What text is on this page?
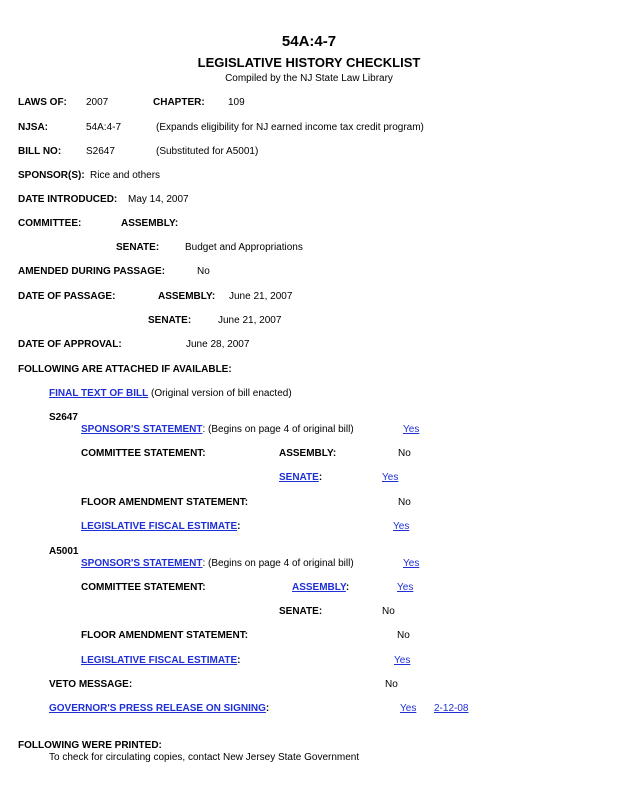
54A:4-7
LEGISLATIVE HISTORY CHECKLIST
Compiled by the NJ State Law Library
LAWS OF: 2007	CHAPTER: 109
NJSA:	54A:4-7	(Expands eligibility for NJ earned income tax credit program)
BILL NO: S2647	(Substituted for A5001)
SPONSOR(S): Rice and others
DATE INTRODUCED: May 14, 2007
COMMITTEE:	ASSEMBLY:
SENATE:	Budget and Appropriations
AMENDED DURING PASSAGE:	No
DATE OF PASSAGE:	ASSEMBLY: June 21, 2007
SENATE:	June 21, 2007
DATE OF APPROVAL:	June 28, 2007
FOLLOWING ARE ATTACHED IF AVAILABLE:
FINAL TEXT OF BILL (Original version of bill enacted)
S2647
SPONSOR'S STATEMENT: (Begins on page 4 of original bill)	Yes
COMMITTEE STATEMENT:	ASSEMBLY:	No
SENATE:	Yes
FLOOR AMENDMENT STATEMENT:	No
LEGISLATIVE FISCAL ESTIMATE:	Yes
A5001
SPONSOR'S STATEMENT: (Begins on page 4 of original bill)	Yes
COMMITTEE STATEMENT:	ASSEMBLY:	Yes
SENATE:	No
FLOOR AMENDMENT STATEMENT:	No
LEGISLATIVE FISCAL ESTIMATE:	Yes
VETO MESSAGE:	No
GOVERNOR'S PRESS RELEASE ON SIGNING:	Yes 2-12-08
FOLLOWING WERE PRINTED:
To check for circulating copies, contact New Jersey State Government
